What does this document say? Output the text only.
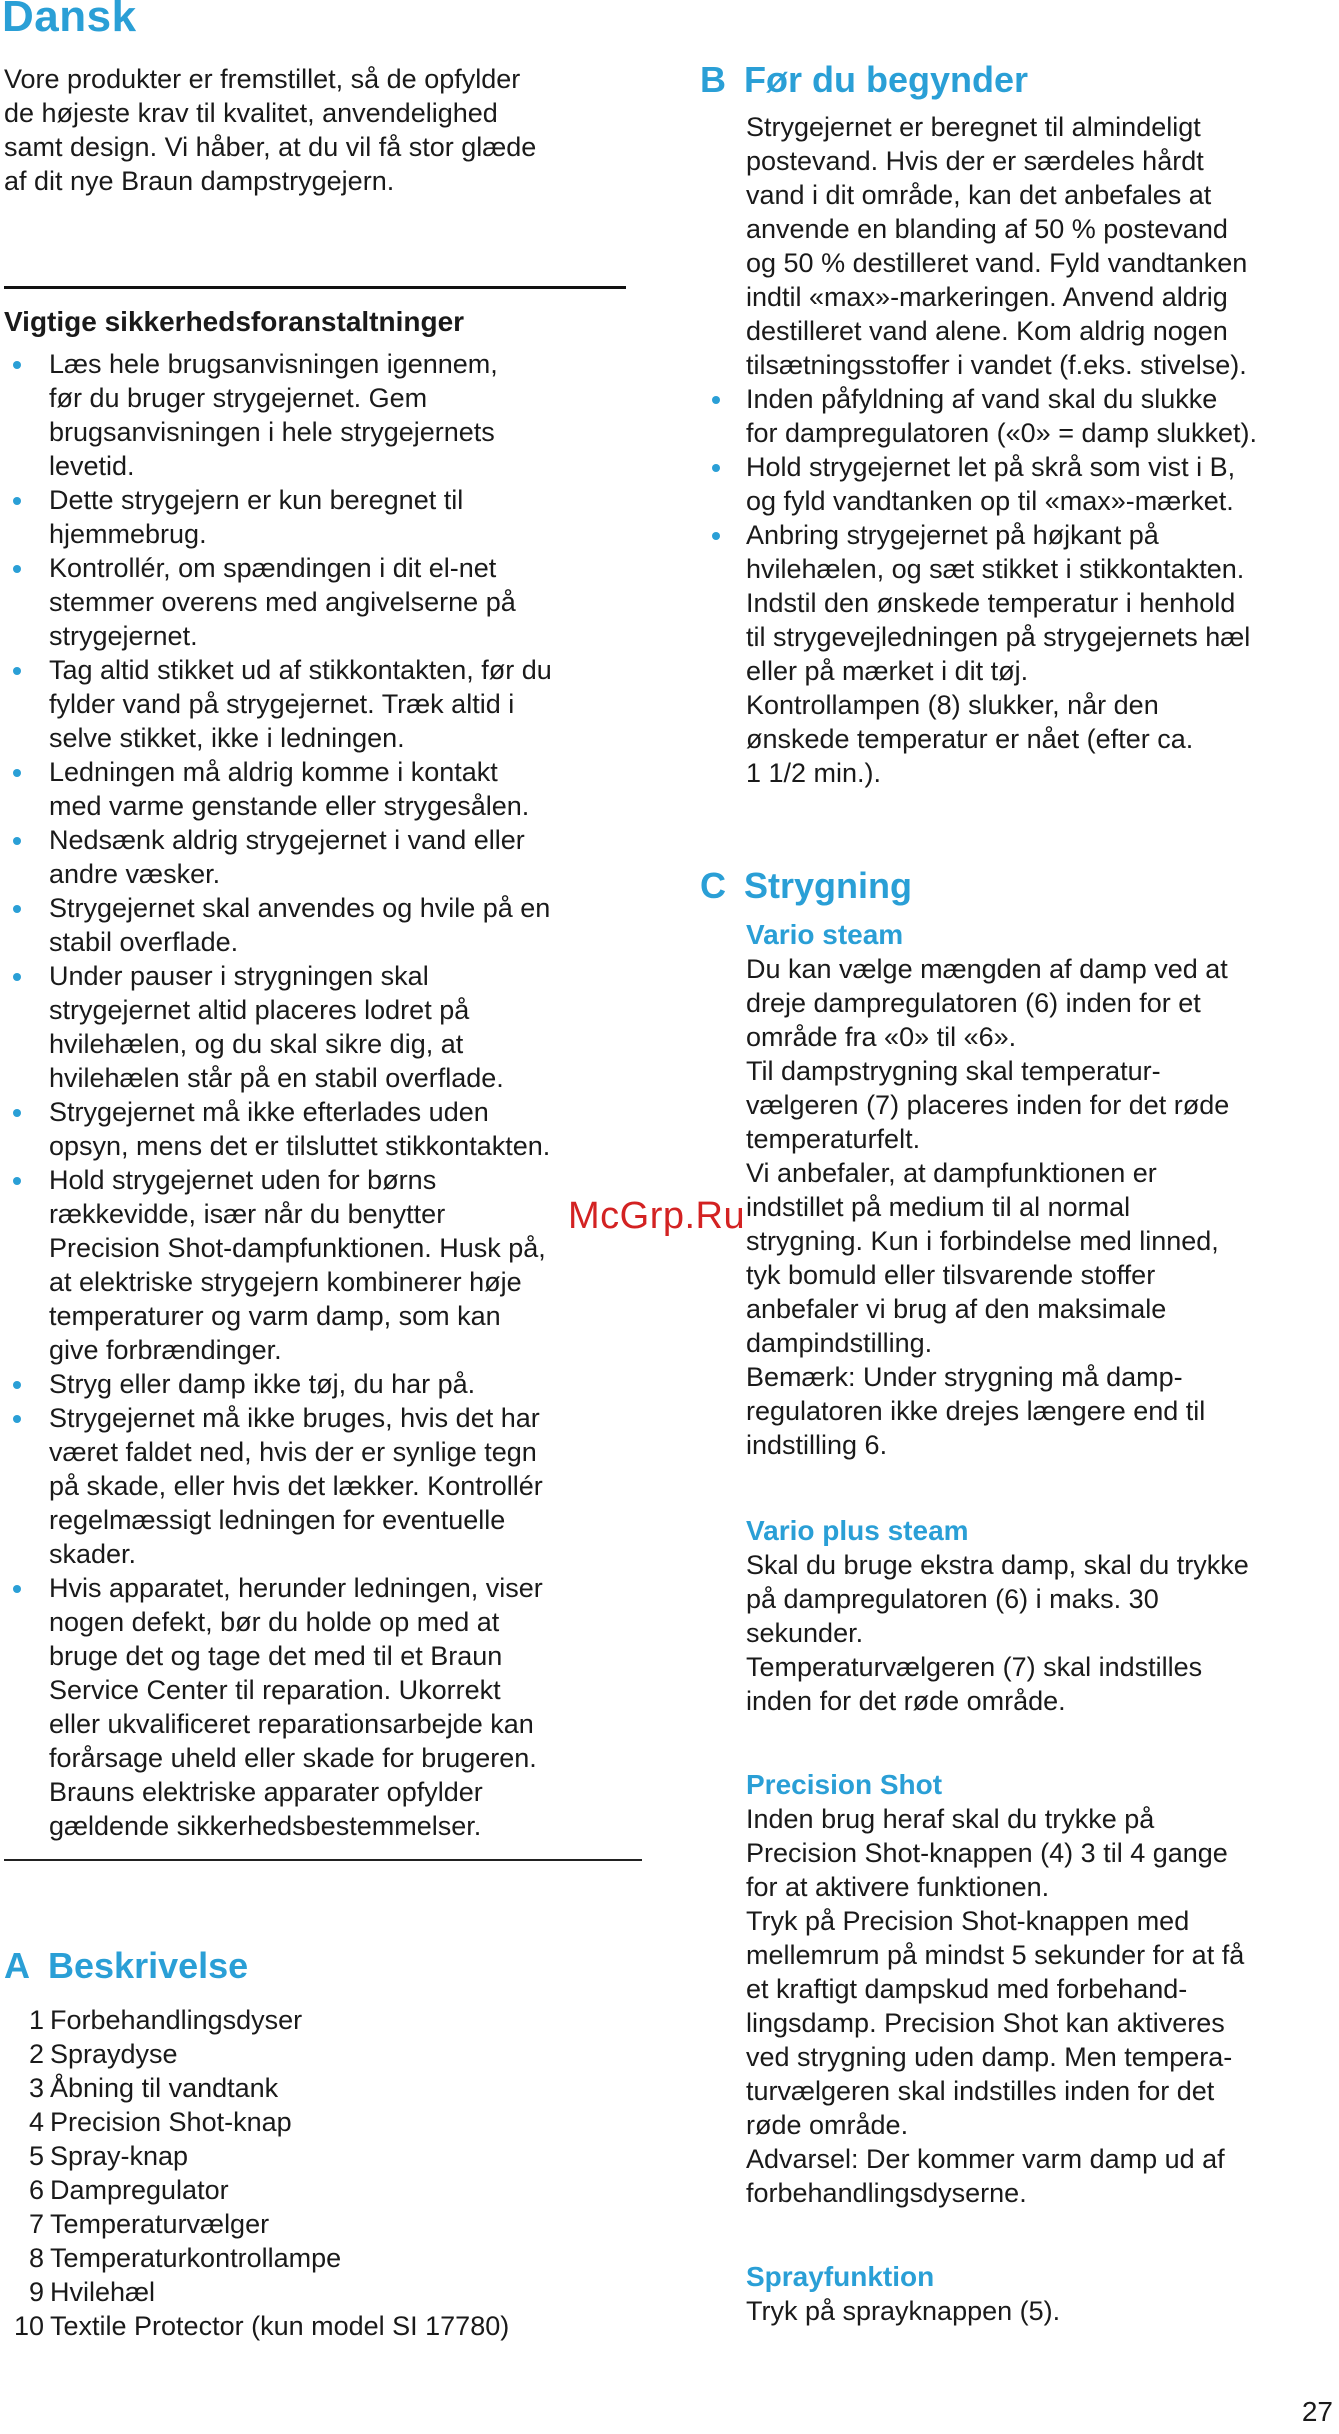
Dansk

Vore produkter er fremstillet, så de opfylder

de højeste krav til kvalitet, anvendelighed

samt design. Vi håber, at du vil få stor glæde

af dit nye Braun dampstrygejern.

Vigtige sikkerhedsforanstaltninger
Læs hele brugsanvisningen igennem,
før du bruger strygejernet. Gem
brugsanvisningen i hele strygejernets
levetid.
Dette strygejern er kun beregnet til
hjemmebrug.
Kontrollér, om spændingen i dit el-net
stemmer overens med angivelserne på
strygejernet.
Tag altid stikket ud af stikkontakten, før du
fylder vand på strygejernet. Træk altid i
selve stikket, ikke i ledningen.
Ledningen må aldrig komme i kontakt
med varme genstande eller strygesålen.
Nedsænk aldrig strygejernet i vand eller
andre væsker.
Strygejernet skal anvendes og hvile på en
stabil overflade.
Under pauser i strygningen skal
strygejernet altid placeres lodret på
hvilehælen, og du skal sikre dig, at
hvilehælen står på en stabil overflade.
Strygejernet må ikke efterlades uden
opsyn, mens det er tilsluttet stikkontakten.
Hold strygejernet uden for børns
rækkevidde, især når du benytter
Precision Shot-dampfunktionen. Husk på,
at elektriske strygejern kombinerer høje
temperaturer og varm damp, som kan
give forbrændinger.
Stryg eller damp ikke tøj, du har på.
Strygejernet må ikke bruges, hvis det har
været faldet ned, hvis der er synlige tegn
på skade, eller hvis det lækker. Kontrollér
regelmæssigt ledningen for eventuelle
skader.
Hvis apparatet, herunder ledningen, viser
nogen defekt, bør du holde op med at
bruge det og tage det med til et Braun
Service Center til reparation. Ukorrekt
eller ukvalificeret reparationsarbejde kan
forårsage uheld eller skade for brugeren.
Brauns elektriske apparater opfylder
gældende sikkerhedsbestemmelser.
A Beskrivelse
1 Forbehandlingsdyser
2 Spraydyse
3 Åbning til vandtank
4 Precision Shot-knap
5 Spray-knap
6 Dampregulator
7 Temperaturvælger
8 Temperaturkontrollampe
9 Hvilehæl
10 Textile Protector (kun model SI 17780)
B Før du begynder
Strygejernet er beregnet til almindeligt
postevand. Hvis der er særdeles hårdt
vand i dit område, kan det anbefales at
anvende en blanding af 50 % postevand
og 50 % destilleret vand. Fyld vandtanken
indtil «max»-markeringen. Anvend aldrig
destilleret vand alene. Kom aldrig nogen
tilsætningsstoffer i vandet (f.eks. stivelse).
Inden påfyldning af vand skal du slukke
for dampregulatoren («0» = damp slukket).
Hold strygejernet let på skrå som vist i B,
og fyld vandtanken op til «max»-mærket.
Anbring strygejernet på højkant på
hvilehælen, og sæt stikket i stikkontakten.
Indstil den ønskede temperatur i henhold
til strygevejledningen på strygejernets hæl
eller på mærket i dit tøj.
Kontrollampen (8) slukker, når den
ønskede temperatur er nået (efter ca.
1 1/2 min.).
C Strygning
Vario steam
Du kan vælge mængden af damp ved at
dreje dampregulatoren (6) inden for et
område fra «0» til «6».
Til dampstrygning skal temperatur-
vælgeren (7) placeres inden for det røde
temperaturfelt.
Vi anbefaler, at dampfunktionen er
indstillet på medium til al normal
strygning. Kun i forbindelse med linned,
tyk bomuld eller tilsvarende stoffer
anbefaler vi brug af den maksimale
dampindstilling.
Bemærk: Under strygning må damp-
regulatoren ikke drejes længere end til
indstilling 6.
Vario plus steam
Skal du bruge ekstra damp, skal du trykke
på dampregulatoren (6) i maks. 30
sekunder.
Temperaturvælgeren (7) skal indstilles
inden for det røde område.
Precision Shot
Inden brug heraf skal du trykke på
Precision Shot-knappen (4) 3 til 4 gange
for at aktivere funktionen.
Tryk på Precision Shot-knappen med
mellemrum på mindst 5 sekunder for at få
et kraftigt dampskud med forbehand-
lingsdamp. Precision Shot kan aktiveres
ved strygning uden damp. Men tempera-
turvælgeren skal indstilles inden for det
røde område.
Advarsel: Der kommer varm damp ud af
forbehandlingsdyserne.
Sprayfunktion
Tryk på sprayknappen (5).
McGrp.Ru
27
